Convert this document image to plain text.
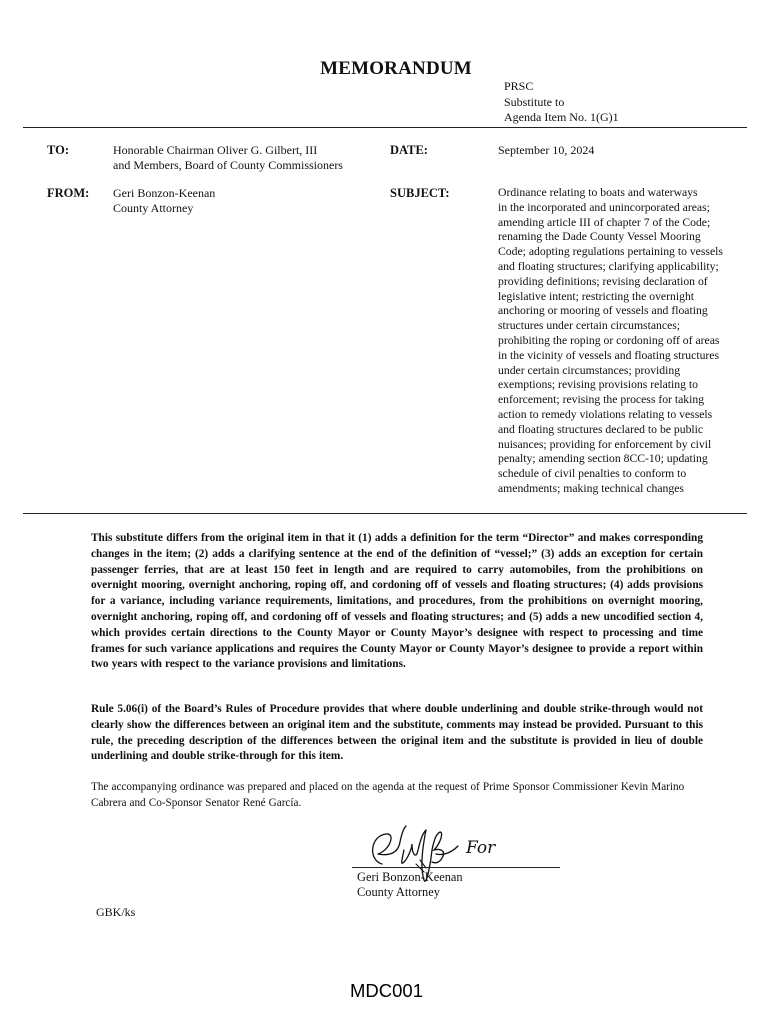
MEMORANDUM
PRSC
Substitute to
Agenda Item No. 1(G)1
TO:	Honorable Chairman Oliver G. Gilbert, III
and Members, Board of County Commissioners
DATE:	September 10, 2024
FROM: Geri Bonzon-Keenan
County Attorney
SUBJECT:	Ordinance relating to boats and waterways
in the incorporated and unincorporated areas;
amending article III of chapter 7 of the Code;
renaming the Dade County Vessel Mooring
Code; adopting regulations pertaining to vessels
and floating structures; clarifying applicability;
providing definitions; revising declaration of
legislative intent; restricting the overnight
anchoring or mooring of vessels and floating
structures under certain circumstances;
prohibiting the roping or cordoning off of areas
in the vicinity of vessels and floating structures
under certain circumstances; providing
exemptions; revising provisions relating to
enforcement; revising the process for taking
action to remedy violations relating to vessels
and floating structures declared to be public
nuisances; providing for enforcement by civil
penalty; amending section 8CC-10; updating
schedule of civil penalties to conform to
amendments; making technical changes
This substitute differs from the original item in that it (1) adds a definition for the term “Director” and makes corresponding changes in the item; (2) adds a clarifying sentence at the end of the definition of “vessel;” (3) adds an exception for certain passenger ferries, that are at least 150 feet in length and are required to carry automobiles, from the prohibitions on overnight mooring, overnight anchoring, roping off, and cordoning off of vessels and floating structures; (4) adds provisions for a variance, including variance requirements, limitations, and procedures, from the prohibitions on overnight mooring, overnight anchoring, roping off, and cordoning off of vessels and floating structures; and (5) adds a new uncodified section 4, which provides certain directions to the County Mayor or County Mayor’s designee with respect to processing and time frames for such variance applications and requires the County Mayor or County Mayor’s designee to provide a report within two years with respect to the variance provisions and limitations.
Rule 5.06(i) of the Board’s Rules of Procedure provides that where double underlining and double strike-through would not clearly show the differences between an original item and the substitute, comments may instead be provided. Pursuant to this rule, the preceding description of the differences between the original item and the substitute is provided in lieu of double underlining and double strike-through for this item.
The accompanying ordinance was prepared and placed on the agenda at the request of Prime Sponsor Commissioner Kevin Marino Cabrera and Co-Sponsor Senator René García.
For
Geri Bonzon-Keenan
County Attorney
GBK/ks
MDC001
